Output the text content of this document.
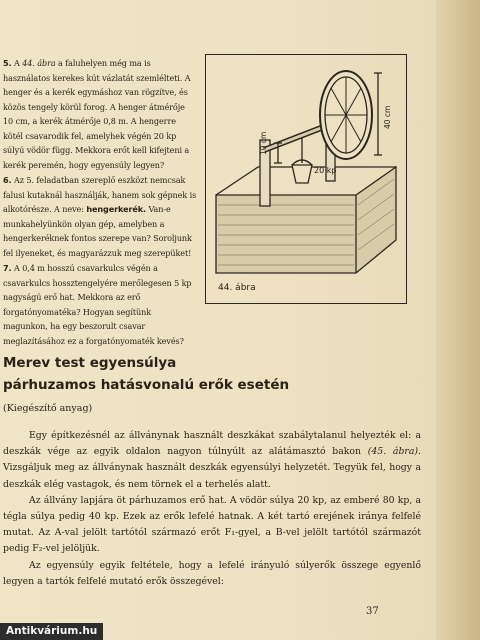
5. A 44. ábra a faluhelyen még ma is használatos kerekes kút vázlatát szemlélteti. A henger és a kerék egymáshoz van rögzítve, és közös tengely körül forog. A henger átmérője 10 cm, a kerék átmérője 0,8 m. A hengerre kötél csavarodik fel, amelyhek végén 20 kp súlyú vödör függ. Mekkora erőt kell kifejteni a kerék peremén, hogy egyensúly legyen?

6. Az 5. feladatban szereplő eszközt nemcsak falusi kutaknál használják, hanem sok gépnek is alkotórésze. A neve: hengerkerék. Van-e munkahelyünkön olyan gép, amelyben a hengerkeréknek fontos szerepe van? Soroljunk fel ilyeneket, és magyarázzuk meg szerepüket!

7. A 0,4 m hosszú csavarkulcs végén a csavarkulcs hossztengelyére merőlegesen 5 kp nagyságú erő hat. Mekkora az erő forgatónyomatéka? Hogyan segítünk magunkon, ha egy beszorult csavar meglazításához ez a forgatónyomaték kevés?

10 cm
40 cm
20 kp
44. ábra
Merev test egyensúlya
párhuzamos hatásvonalú erők esetén
(Kiegészítő anyag)

Egy építkezésnél az állványnak használt deszkákat szabálytalanul helyezték el: a deszkák vége az egyik oldalon nagyon túlnyúlt az alátámasztó bakon (45. ábra). Vizsgáljuk meg az állványnak használt deszkák egyensúlyi helyzetét. Tegyük fel, hogy a deszkák elég vastagok, és nem törnek el a terhelés alatt.

Az állvány lapjára öt párhuzamos erő hat. A vödör súlya 20 kp, az emberé 80 kp, a tégla súlya pedig 40 kp. Ezek az erők lefelé hatnak. A két tartó erejének iránya felfelé mutat. Az A-val jelölt tartótól származó erőt F₁-gyel, a B-vel jelölt tartótól származót pedig F₂-vel jelöljük.

Az egyensúly egyik feltétele, hogy a lefelé irányuló súlyerők összege egyenlő legyen a tartók felfelé mutató erők összegével:

37
Antikvárium.hu
